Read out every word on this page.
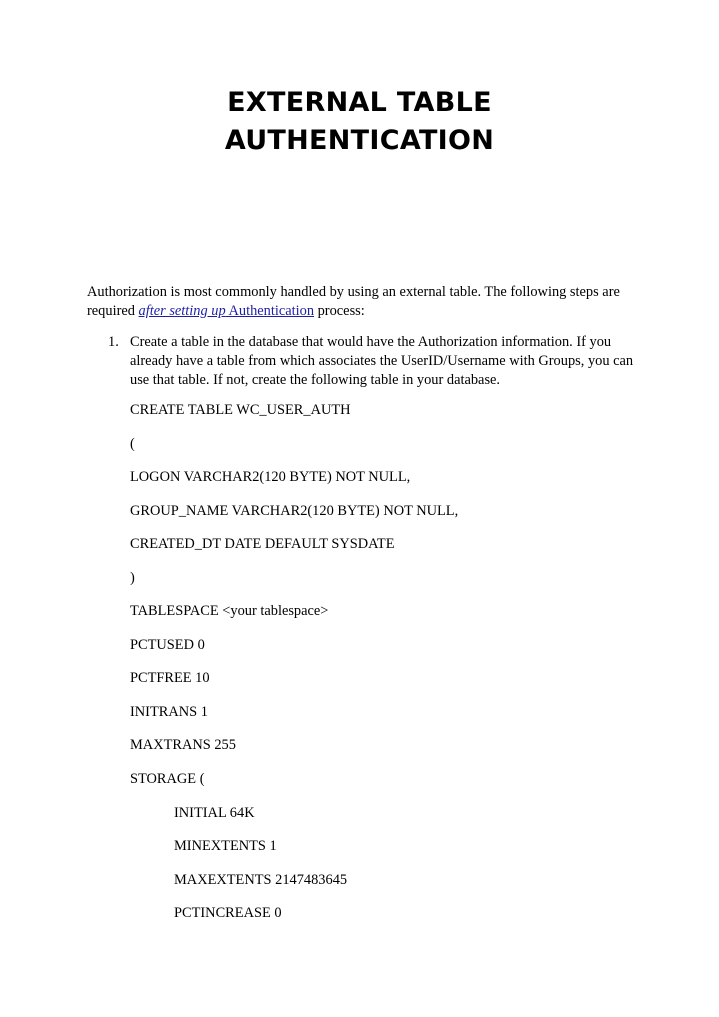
EXTERNAL TABLE
AUTHENTICATION

Authorization is most commonly handled by using an external table. The following steps are required after setting up Authentication process:

1. Create a table in the database that would have the Authorization information. If you already have a table from which associates the UserID/Username with Groups, you can use that table. If not, create the following table in your database.
CREATE TABLE WC_USER_AUTH
(
LOGON VARCHAR2(120 BYTE) NOT NULL,
GROUP_NAME VARCHAR2(120 BYTE) NOT NULL,
CREATED_DT DATE DEFAULT SYSDATE
)
TABLESPACE <your tablespace>
PCTUSED 0
PCTFREE 10
INITRANS 1
MAXTRANS 255
STORAGE (
INITIAL 64K
MINEXTENTS 1
MAXEXTENTS 2147483645
PCTINCREASE 0
